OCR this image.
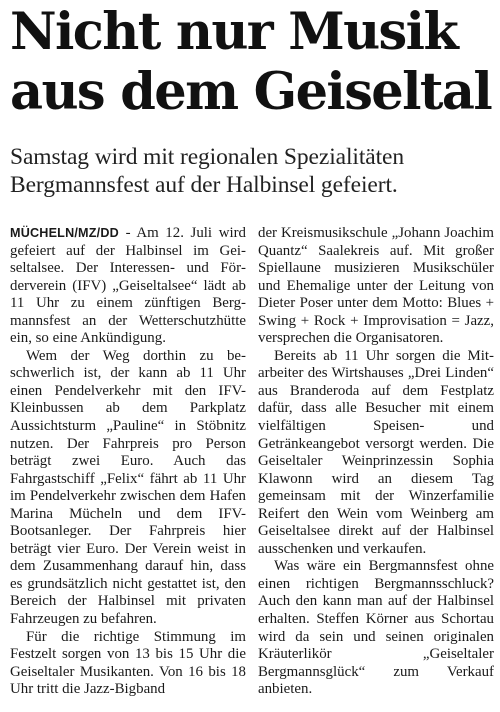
Nicht nur Musik
aus dem Geiseltal
Samstag wird mit regionalen Spezialitäten
Bergmannsfest auf der Halbinsel gefeiert.

MÜCHELN/MZ/DD - Am 12. Juli wird gefeiert auf der Halbinsel im Geiseltalsee. Der Interessen- und Förderverein (IFV) „Geiseltalsee“ lädt ab 11 Uhr zu einem zünftigen Bergmannsfest an der Wetterschutzhütte ein, so eine Ankündigung.

Wem der Weg dorthin zu beschwerlich ist, der kann ab 11 Uhr einen Pendelverkehr mit den IFV-Kleinbussen ab dem Parkplatz Aussichtsturm „Pauline“ in Stöbnitz nutzen. Der Fahrpreis pro Person beträgt zwei Euro. Auch das Fahrgastschiff „Felix“ fährt ab 11 Uhr im Pendelverkehr zwischen dem Hafen Marina Mücheln und dem IFV-Bootsanleger. Der Fahrpreis hier beträgt vier Euro. Der Verein weist in dem Zusammenhang darauf hin, dass es grundsätzlich nicht gestattet ist, den Bereich der Halbinsel mit privaten Fahrzeugen zu befahren.

Für die richtige Stimmung im Festzelt sorgen von 13 bis 15 Uhr die Geiseltaler Musikanten. Von 16 bis 18 Uhr tritt die Jazz-Bigband

der Kreismusikschule „Johann Joachim Quantz“ Saalekreis auf. Mit großer Spiellaune musizieren Musikschüler und Ehemalige unter der Leitung von Dieter Poser unter dem Motto: Blues + Swing + Rock + Improvisation = Jazz, versprechen die Organisatoren.

Bereits ab 11 Uhr sorgen die Mitarbeiter des Wirtshauses „Drei Linden“ aus Branderoda auf dem Festplatz dafür, dass alle Besucher mit einem vielfältigen Speisen- und Getränkeangebot versorgt werden. Die Geiseltaler Weinprinzessin Sophia Klawonn wird an diesem Tag gemeinsam mit der Winzerfamilie Reifert den Wein vom Weinberg am Geiseltalsee direkt auf der Halbinsel ausschenken und verkaufen.

Was wäre ein Bergmannsfest ohne einen richtigen Bergmannsschluck? Auch den kann man auf der Halbinsel erhalten. Steffen Körner aus Schortau wird da sein und seinen originalen Kräuterlikör „Geiseltaler Bergmannsglück“ zum Verkauf anbieten.
